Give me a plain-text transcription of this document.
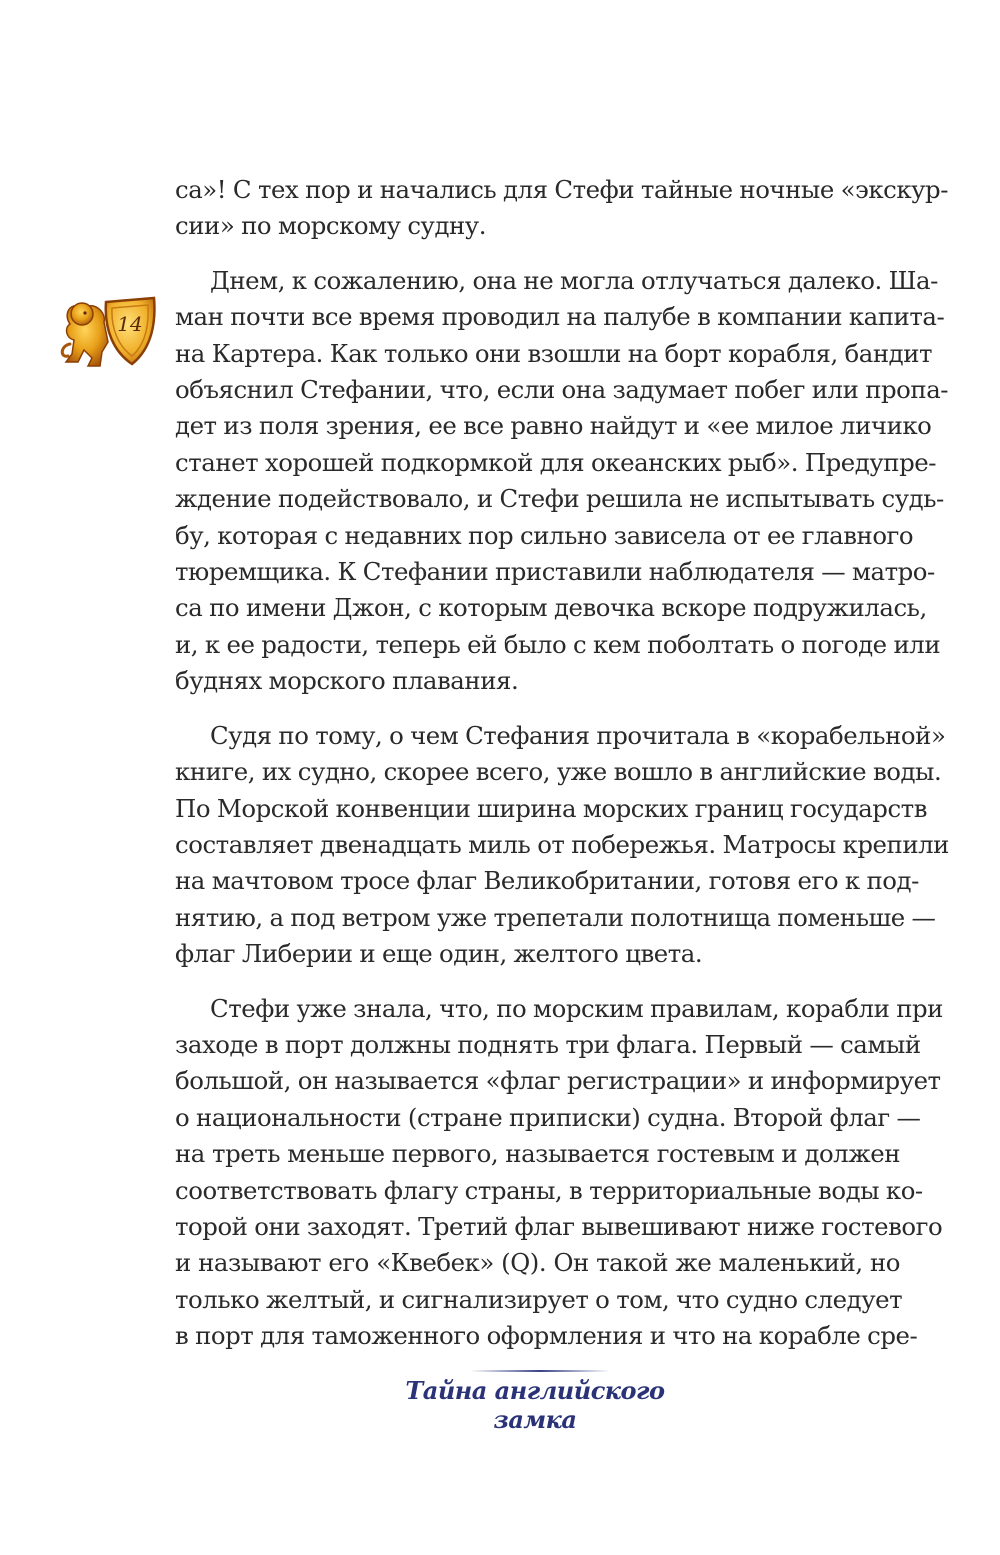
14

са»! С тех пор и начались для Стефи тайные ночные «экскур-

сии» по морскому судну.

Днем, к сожалению, она не могла отлучаться далеко. Ша-

ман почти все время проводил на палубе в компании капита-

на Картера. Как только они взошли на борт корабля, бандит

объяснил Стефании, что, если она задумает побег или пропа-

дет из поля зрения, ее все равно найдут и «ее милое личико

станет хорошей подкормкой для океанских рыб». Предупре-

ждение подействовало, и Стефи решила не испытывать судь-

бу, которая с недавних пор сильно зависела от ее главного

тюремщика. К Стефании приставили наблюдателя — матро-

са по имени Джон, с которым девочка вскоре подружилась,

и, к ее радости, теперь ей было с кем поболтать о погоде или

буднях морского плавания.

Судя по тому, о чем Стефания прочитала в «корабельной»

книге, их судно, скорее всего, уже вошло в английские воды.

По Морской конвенции ширина морских границ государств

составляет двенадцать миль от побережья. Матросы крепили

на мачтовом тросе флаг Великобритании, готовя его к под-

нятию, а под ветром уже трепетали полотнища поменьше —

флаг Либерии и еще один, желтого цвета.

Стефи уже знала, что, по морским правилам, корабли при

заходе в порт должны поднять три флага. Первый — самый

большой, он называется «флаг регистрации» и информирует

о национальности (стране приписки) судна. Второй флаг —

на треть меньше первого, называется гостевым и должен

соответствовать флагу страны, в территориальные воды ко-

торой они заходят. Третий флаг вывешивают ниже гостевого

и называют его «Квебек» (Q). Он такой же маленький, но

только желтый, и сигнализирует о том, что судно следует

в порт для таможенного оформления и что на корабле сре-

Тайна английского замка
